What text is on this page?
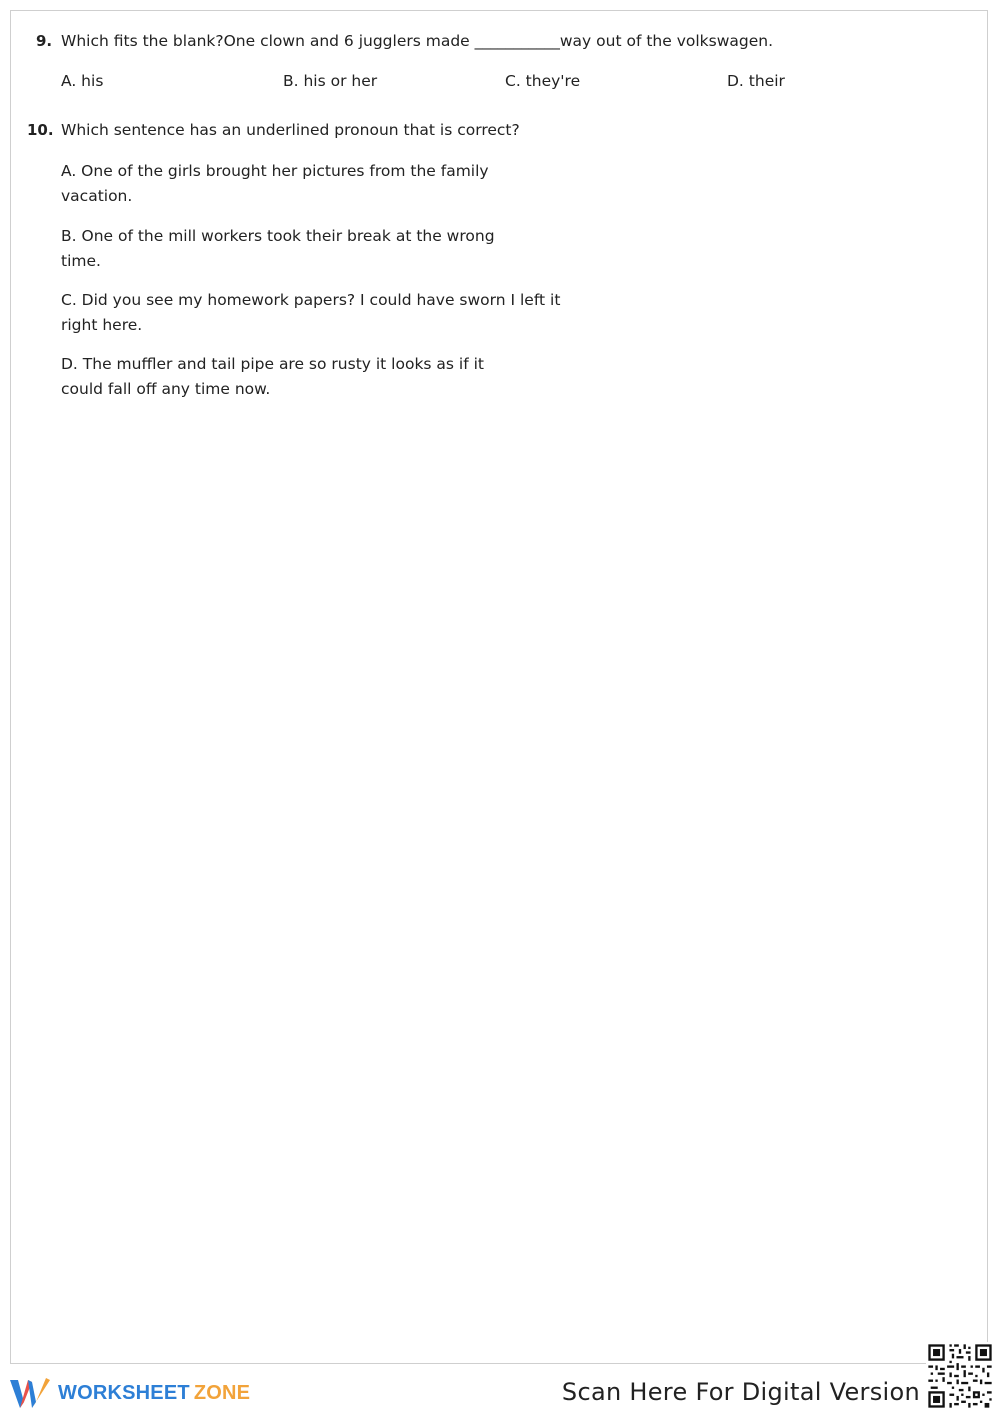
9. Which fits the blank?One clown and 6 jugglers made ___________way out of the volkswagen.
A. his	B. his or her	C. they're	D. their
10. Which sentence has an underlined pronoun that is correct?
A. One of the girls brought her pictures from the family
vacation.
B. One of the mill workers took their break at the wrong
time.
C. Did you see my homework papers? I could have sworn I left it
right here.
D. The muffler and tail pipe are so rusty it looks as if it
could fall off any time now.
WORKSHEET ZONE	Scan Here For Digital Version
